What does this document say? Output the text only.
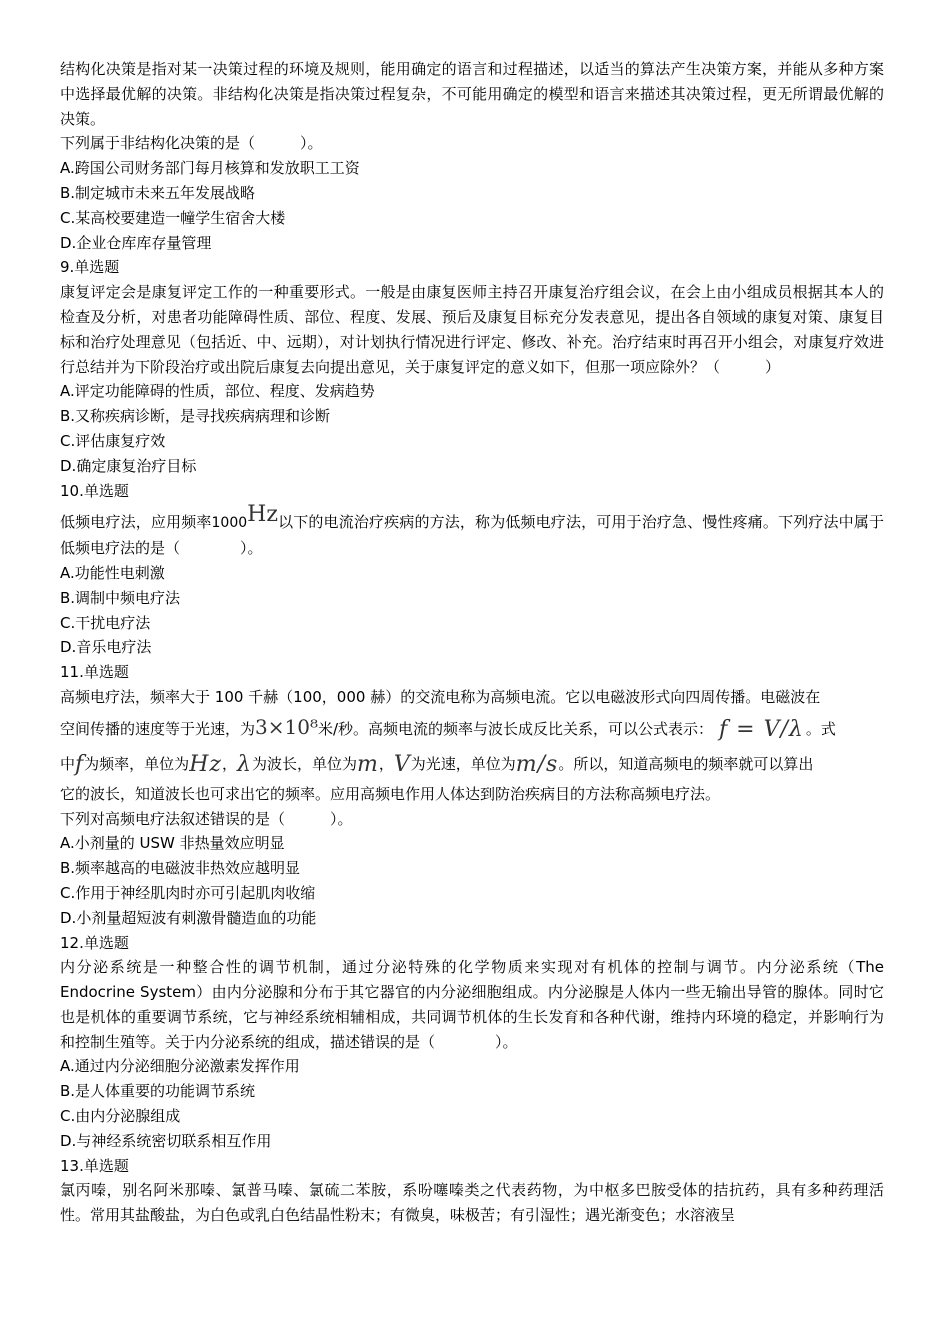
结构化决策是指对某一决策过程的环境及规则，能用确定的语言和过程描述，以适当的算法产生决策方案，并能从多种方案中选择最优解的决策。非结构化决策是指决策过程复杂，不可能用确定的模型和语言来描述其决策过程，更无所谓最优解的决策。

下列属于非结构化决策的是（　　　）。

A.跨国公司财务部门每月核算和发放职工工资

B.制定城市未来五年发展战略

C.某高校要建造一幢学生宿舍大楼

D.企业仓库库存量管理

9.单选题

康复评定会是康复评定工作的一种重要形式。一般是由康复医师主持召开康复治疗组会议，在会上由小组成员根据其本人的检查及分析，对患者功能障碍性质、部位、程度、发展、预后及康复目标充分发表意见，提出各自领域的康复对策、康复目标和治疗处理意见（包括近、中、远期），对计划执行情况进行评定、修改、补充。治疗结束时再召开小组会，对康复疗效进行总结并为下阶段治疗或出院后康复去向提出意见，关于康复评定的意义如下，但那一项应除外？（　　　）

A.评定功能障碍的性质，部位、程度、发病趋势

B.又称疾病诊断，是寻找疾病病理和诊断

C.评估康复疗效

D.确定康复治疗目标

10.单选题

低频电疗法，应用频率1000Hz以下的电流治疗疾病的方法，称为低频电疗法，可用于治疗急、慢性疼痛。下列疗法中属于低频电疗法的是（　　　　）。

A.功能性电刺激

B.调制中频电疗法

C.干扰电疗法

D.音乐电疗法

11.单选题

高频电疗法，频率大于 100 千赫（100，000 赫）的交流电称为高频电流。它以电磁波形式向四周传播。电磁波在

空间传播的速度等于光速，为3×10⁸米/秒。高频电流的频率与波长成反比关系，可以公式表示： f = V/λ 。式

中f为频率，单位为Hz，λ为波长，单位为m，V为光速，单位为m/s。所以，知道高频电的频率就可以算出

它的波长，知道波长也可求出它的频率。应用高频电作用人体达到防治疾病目的方法称高频电疗法。

下列对高频电疗法叙述错误的是（　　　）。

A.小剂量的 USW 非热量效应明显

B.频率越高的电磁波非热效应越明显

C.作用于神经肌肉时亦可引起肌肉收缩

D.小剂量超短波有刺激骨髓造血的功能

12.单选题

内分泌系统是一种整合性的调节机制，通过分泌特殊的化学物质来实现对有机体的控制与调节。内分泌系统（The Endocrine System）由内分泌腺和分布于其它器官的内分泌细胞组成。内分泌腺是人体内一些无输出导管的腺体。同时它也是机体的重要调节系统，它与神经系统相辅相成，共同调节机体的生长发育和各种代谢，维持内环境的稳定，并影响行为和控制生殖等。关于内分泌系统的组成，描述错误的是（　　　　）。

A.通过内分泌细胞分泌激素发挥作用

B.是人体重要的功能调节系统

C.由内分泌腺组成

D.与神经系统密切联系相互作用

13.单选题

氯丙嗪，别名阿米那嗪、氯普马嗪、氯硫二苯胺，系吩噻嗪类之代表药物，为中枢多巴胺受体的拮抗药，具有多种药理活性。常用其盐酸盐，为白色或乳白色结晶性粉末；有微臭，味极苦；有引湿性；遇光渐变色；水溶液呈
